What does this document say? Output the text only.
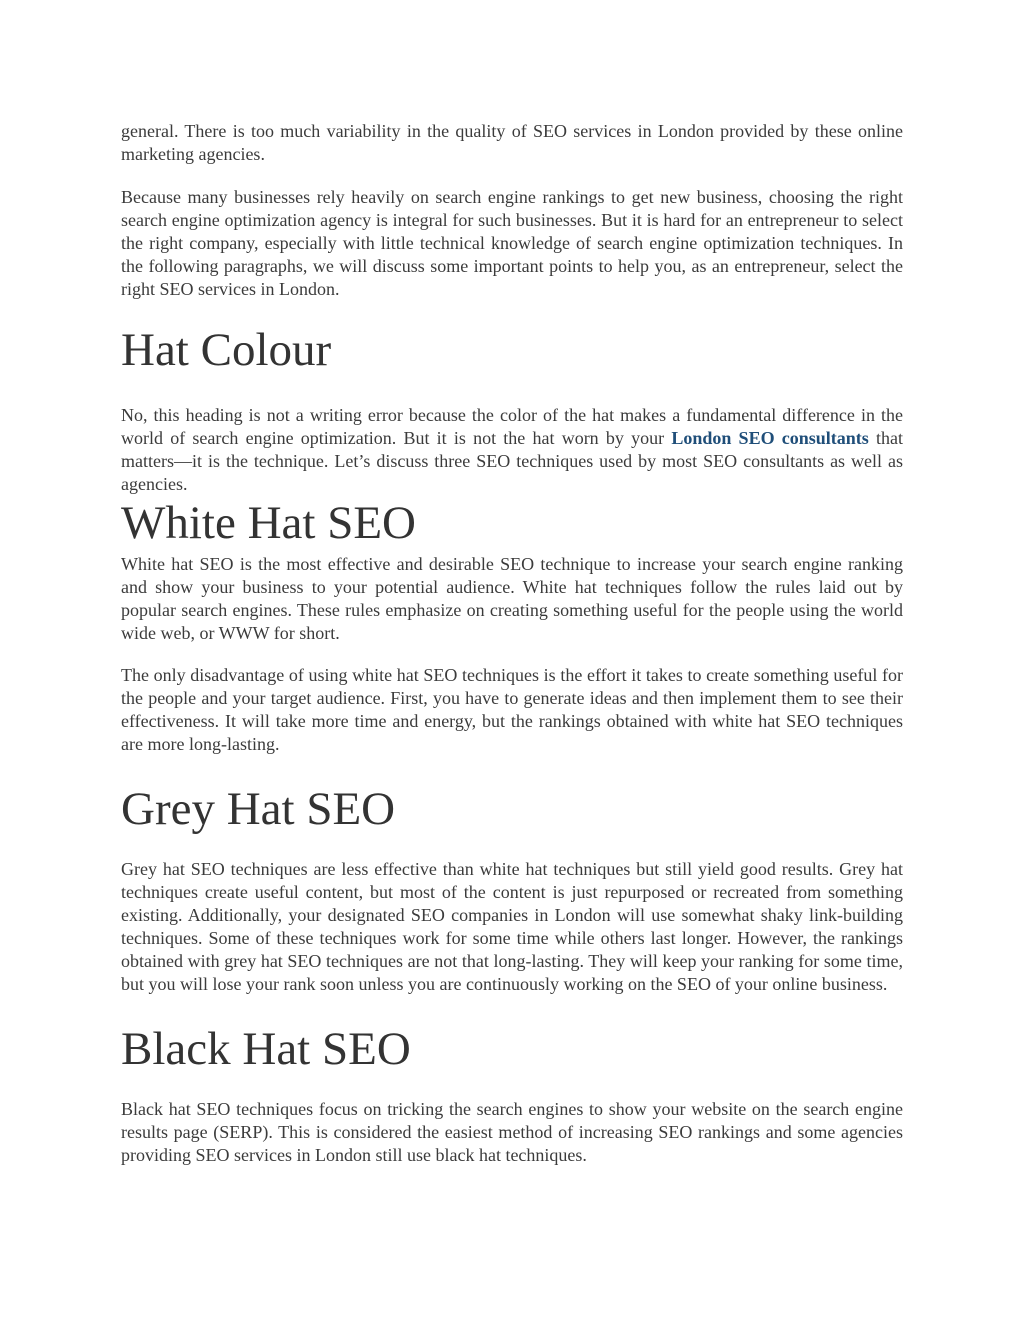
general. There is too much variability in the quality of SEO services in London provided by these online marketing agencies.

Because many businesses rely heavily on search engine rankings to get new business, choosing the right search engine optimization agency is integral for such businesses. But it is hard for an entrepreneur to select the right company, especially with little technical knowledge of search engine optimization techniques. In the following paragraphs, we will discuss some important points to help you, as an entrepreneur, select the right SEO services in London.

Hat Colour

No, this heading is not a writing error because the color of the hat makes a fundamental difference in the world of search engine optimization. But it is not the hat worn by your London SEO consultants that matters—it is the technique. Let’s discuss three SEO techniques used by most SEO consultants as well as agencies.

White Hat SEO

White hat SEO is the most effective and desirable SEO technique to increase your search engine ranking and show your business to your potential audience. White hat techniques follow the rules laid out by popular search engines. These rules emphasize on creating something useful for the people using the world wide web, or WWW for short.

The only disadvantage of using white hat SEO techniques is the effort it takes to create something useful for the people and your target audience. First, you have to generate ideas and then implement them to see their effectiveness. It will take more time and energy, but the rankings obtained with white hat SEO techniques are more long-lasting.

Grey Hat SEO

Grey hat SEO techniques are less effective than white hat techniques but still yield good results. Grey hat techniques create useful content, but most of the content is just repurposed or recreated from something existing. Additionally, your designated SEO companies in London will use somewhat shaky link-building techniques. Some of these techniques work for some time while others last longer. However, the rankings obtained with grey hat SEO techniques are not that long-lasting. They will keep your ranking for some time, but you will lose your rank soon unless you are continuously working on the SEO of your online business.

Black Hat SEO

Black hat SEO techniques focus on tricking the search engines to show your website on the search engine results page (SERP). This is considered the easiest method of increasing SEO rankings and some agencies providing SEO services in London still use black hat techniques.
